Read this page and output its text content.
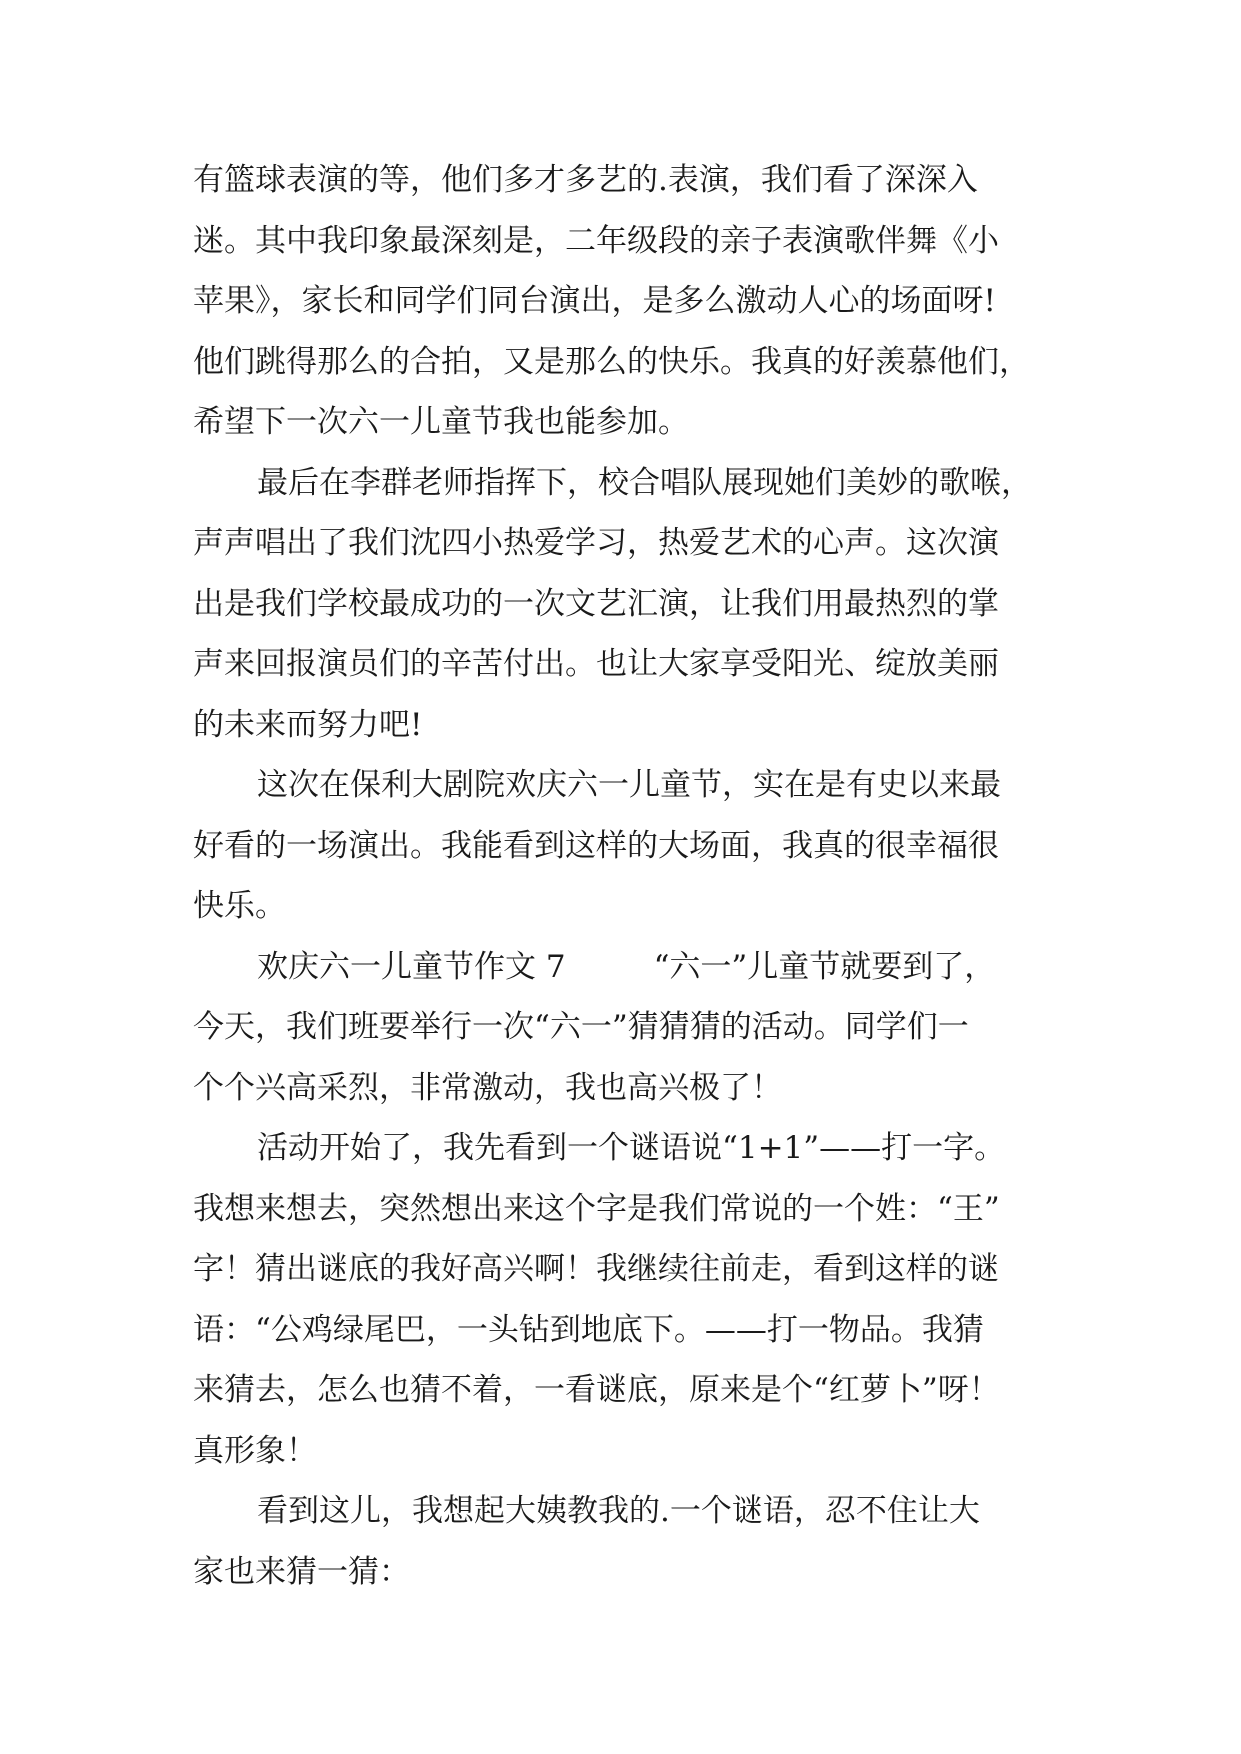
有篮球表演的等，他们多才多艺的.表演，我们看了深深入
迷。其中我印象最深刻是，二年级段的亲子表演歌伴舞《小
苹果》，家长和同学们同台演出，是多么激动人心的场面呀!
他们跳得那么的合拍，又是那么的快乐。我真的好羡慕他们，
希望下一次六一儿童节我也能参加。
最后在李群老师指挥下，校合唱队展现她们美妙的歌喉，
声声唱出了我们沈四小热爱学习，热爱艺术的心声。这次演
出是我们学校最成功的一次文艺汇演，让我们用最热烈的掌
声来回报演员们的辛苦付出。也让大家享受阳光、绽放美丽
的未来而努力吧!
这次在保利大剧院欢庆六一儿童节，实在是有史以来最
好看的一场演出。我能看到这样的大场面，我真的很幸福很
快乐。
欢庆六一儿童节作文 7	“六一”儿童节就要到了，
今天，我们班要举行一次“六一”猜猜猜的活动。同学们一
个个兴高采烈，非常激动，我也高兴极了！
活动开始了，我先看到一个谜语说“1+1”——打一字。
我想来想去，突然想出来这个字是我们常说的一个姓：“王”
字！猜出谜底的我好高兴啊！我继续往前走，看到这样的谜
语：“公鸡绿尾巴，一头钻到地底下。——打一物品。我猜
来猜去，怎么也猜不着，一看谜底，原来是个“红萝卜”呀！
真形象！
看到这儿，我想起大姨教我的.一个谜语，忍不住让大
家也来猜一猜：
